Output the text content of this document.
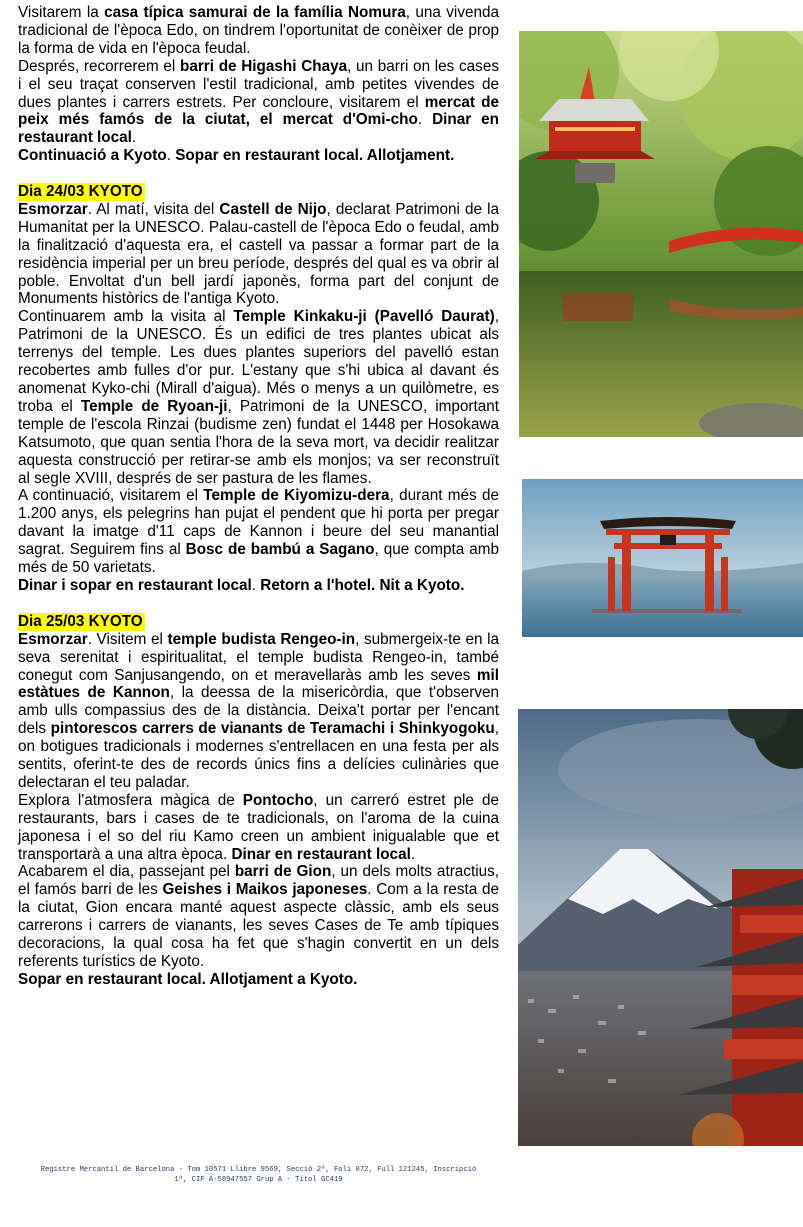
Visitarem la casa típica samurai de la família Nomura, una vivenda tradicional de l'època Edo, on tindrem l'oportunitat de conèixer de prop la forma de vida en l'època feudal.

Després, recorrerem el barri de Higashi Chaya, un barri on les cases i el seu traçat conserven l'estil tradicional, amb petites vivendes de dues plantes i carrers estrets. Per concloure, visitarem el mercat de peix més famós de la ciutat, el mercat d'Omi-cho. Dinar en restaurant local.

Continuació a Kyoto. Sopar en restaurant local. Allotjament.

Dia 24/03 KYOTO

Esmorzar. Al matí, visita del Castell de Nijo, declarat Patrimoni de la Humanitat per la UNESCO. Palau-castell de l'època Edo o feudal, amb la finalització d'aquesta era, el castell va passar a formar part de la residència imperial per un breu període, després del qual es va obrir al poble. Envoltat d'un bell jardí japonès, forma part del conjunt de Monuments històrics de l'antiga Kyoto.

Continuarem amb la visita al Temple Kinkaku-ji (Pavelló Daurat), Patrimoni de la UNESCO. És un edifici de tres plantes ubicat als terrenys del temple. Les dues plantes superiors del pavelló estan recobertes amb fulles d'or pur. L'estany que s'hi ubica al davant és anomenat Kyko-chi (Mirall d'aigua). Més o menys a un quilòmetre, es troba el Temple de Ryoan-ji, Patrimoni de la UNESCO, important temple de l'escola Rinzai (budisme zen) fundat el 1448 per Hosokawa Katsumoto, que quan sentia l'hora de la seva mort, va decidir realitzar aquesta construcció per retirar-se amb els monjos; va ser reconstruït al segle XVIII, després de ser pastura de les flames.

A continuació, visitarem el Temple de Kiyomizu-dera, durant més de 1.200 anys, els pelegrins han pujat el pendent que hi porta per pregar davant la imatge d'11 caps de Kannon i beure del seu manantial sagrat. Seguirem fins al Bosc de bambú a Sagano, que compta amb més de 50 varietats.

Dinar i sopar en restaurant local. Retorn a l'hotel. Nit a Kyoto.

Dia 25/03 KYOTO

Esmorzar. Visitem el temple budista Rengeo-in, submergeix-te en la seva serenitat i espiritualitat, el temple budista Rengeo-in, també conegut com Sanjusangendo, on et meravellaràs amb les seves mil estàtues de Kannon, la deessa de la misericòrdia, que t'observen amb ulls compassius des de la distància. Deixa't portar per l'encant dels pintorescos carrers de vianants de Teramachi i Shinkyogoku, on botigues tradicionals i modernes s'entrellacen en una festa per als sentits, oferint-te des de records únics fins a delícies culinàries que delectaran el teu paladar.

Explora l'atmosfera màgica de Pontocho, un carreró estret ple de restaurants, bars i cases de te tradicionals, on l'aroma de la cuina japonesa i el so del riu Kamo creen un ambient inigualable que et transportarà a una altra època. Dinar en restaurant local.

Acabarem el dia, passejant pel barri de Gion, un dels molts atractius, el famós barri de les Geishes i Maikos japoneses. Com a la resta de la ciutat, Gion encara manté aquest aspecte clàssic, amb els seus carrerons i carrers de vianants, les seves Cases de Te amb típiques decoracions, la qual cosa ha fet que s'hagin convertit en un dels referents turístics de Kyoto.

Sopar en restaurant local. Allotjament a Kyoto.

Registre Mercantil de Barcelona - Tom 10571 Llibre 9569, Secció 2ª, Foli 072, Full 121245, Inscripció
1ª, CIF A-58947557 Grup A - Títol GC419
